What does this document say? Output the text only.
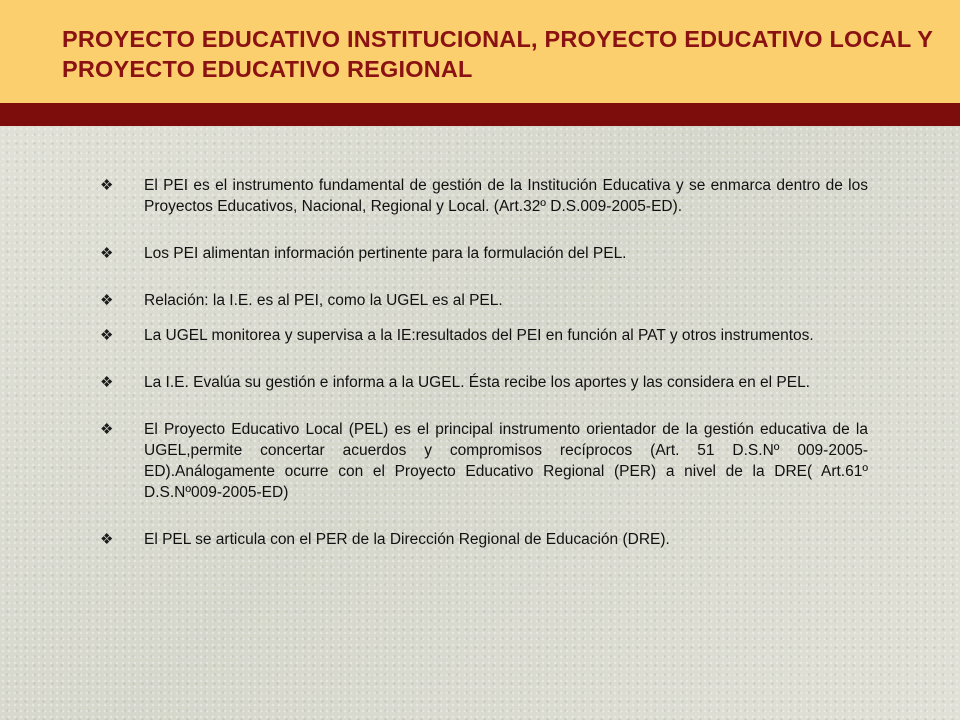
PROYECTO EDUCATIVO INSTITUCIONAL, PROYECTO EDUCATIVO LOCAL Y PROYECTO EDUCATIVO REGIONAL
❖ El PEI es el instrumento fundamental de gestión de la Institución Educativa y se enmarca dentro de los Proyectos Educativos, Nacional, Regional y Local. (Art.32º D.S.009-2005-ED).
❖ Los PEI alimentan información pertinente para la formulación del PEL.
❖ Relación: la I.E. es al PEI, como la UGEL es al PEL.
❖ La UGEL monitorea y supervisa a la IE:resultados del PEI en función al PAT y otros instrumentos.
❖ La I.E. Evalúa su gestión e informa a la UGEL. Ésta recibe los aportes y las considera en el PEL.
❖ El Proyecto Educativo Local (PEL) es el principal instrumento orientador de la gestión educativa de la UGEL,permite concertar acuerdos y compromisos recíprocos (Art. 51 D.S.Nº 009-2005-ED).Análogamente ocurre con el Proyecto Educativo Regional (PER) a nivel de la DRE( Art.61º D.S.Nº009-2005-ED)
❖ El PEL se articula con el PER de la Dirección Regional de Educación (DRE).
